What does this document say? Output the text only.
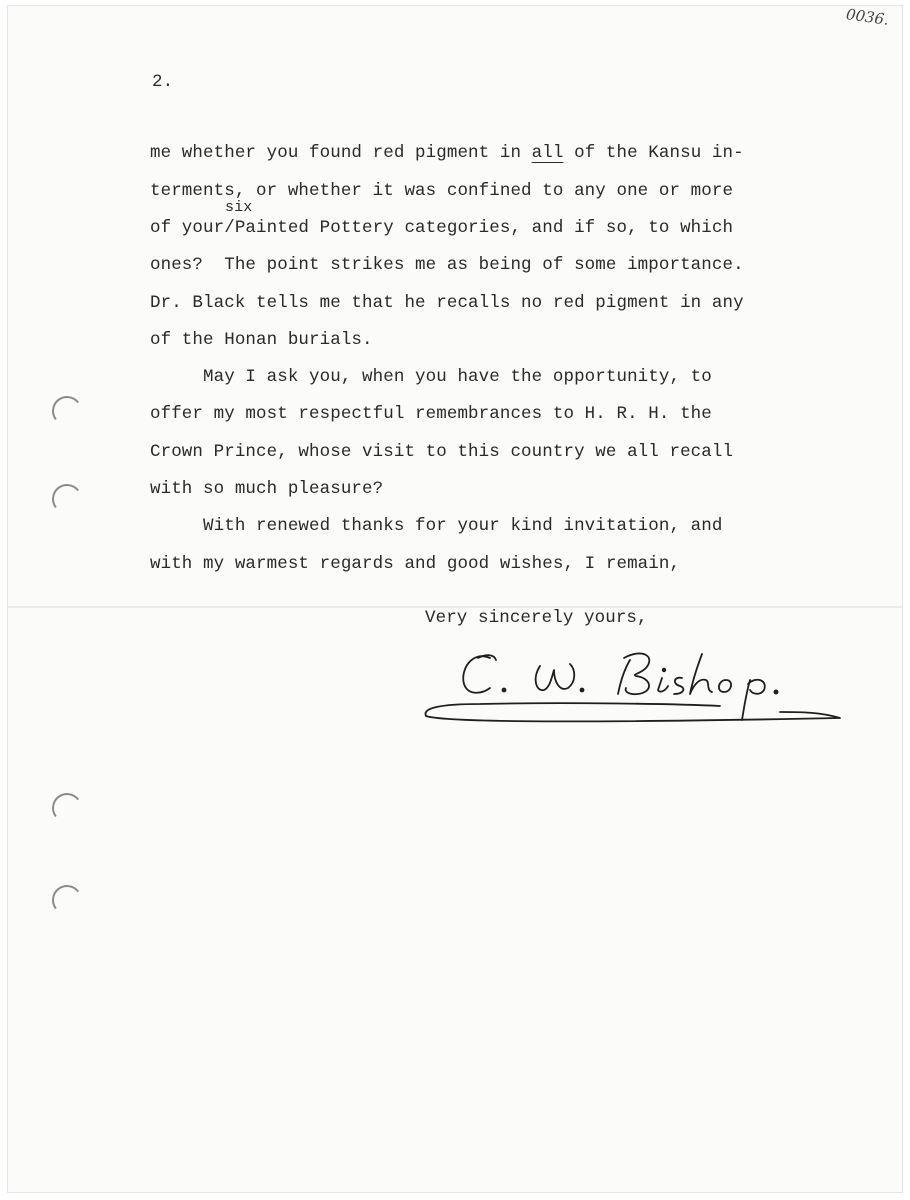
0036.
2.
me whether you found red pigment in all of the Kansu in-
terments, or whether it was confined to any one or more
six
of your/Painted Pottery categories, and if so, to which
ones?  The point strikes me as being of some importance.
Dr. Black tells me that he recalls no red pigment in any
of the Honan burials.
May I ask you, when you have the opportunity, to
offer my most respectful remembrances to H. R. H. the
Crown Prince, whose visit to this country we all recall
with so much pleasure?
With renewed thanks for your kind invitation, and
with my warmest regards and good wishes, I remain,
Very sincerely yours,
